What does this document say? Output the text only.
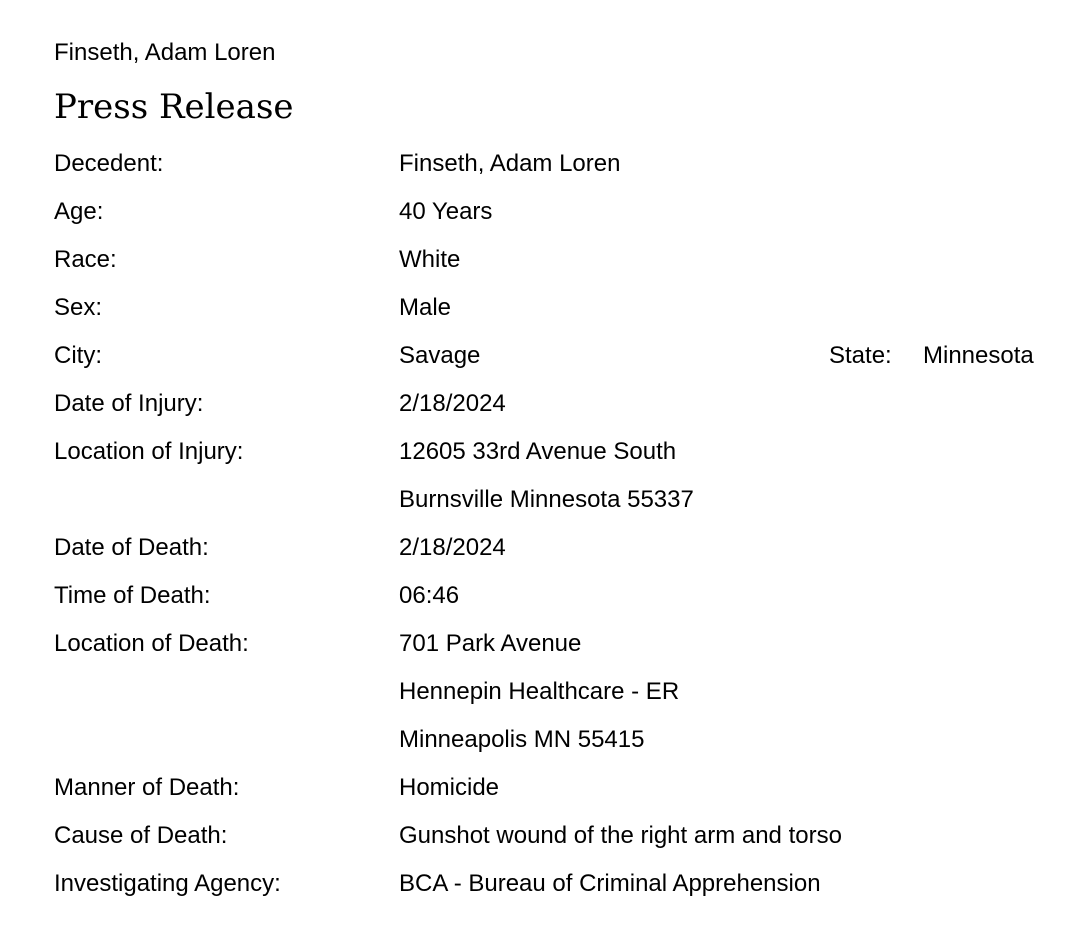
Finseth, Adam Loren
Press Release
Decedent:	Finseth, Adam Loren
Age:	40 Years
Race:	White
Sex:	Male
City:	Savage	State: Minnesota
Date of Injury:	2/18/2024
Location of Injury:	12605 33rd Avenue South
Burnsville Minnesota 55337
Date of Death:	2/18/2024
Time of Death:	06:46
Location of Death:	701 Park Avenue
Hennepin Healthcare - ER
Minneapolis MN 55415
Manner of Death:	Homicide
Cause of Death:	Gunshot wound of the right arm and torso
Investigating Agency:	BCA - Bureau of Criminal Apprehension
